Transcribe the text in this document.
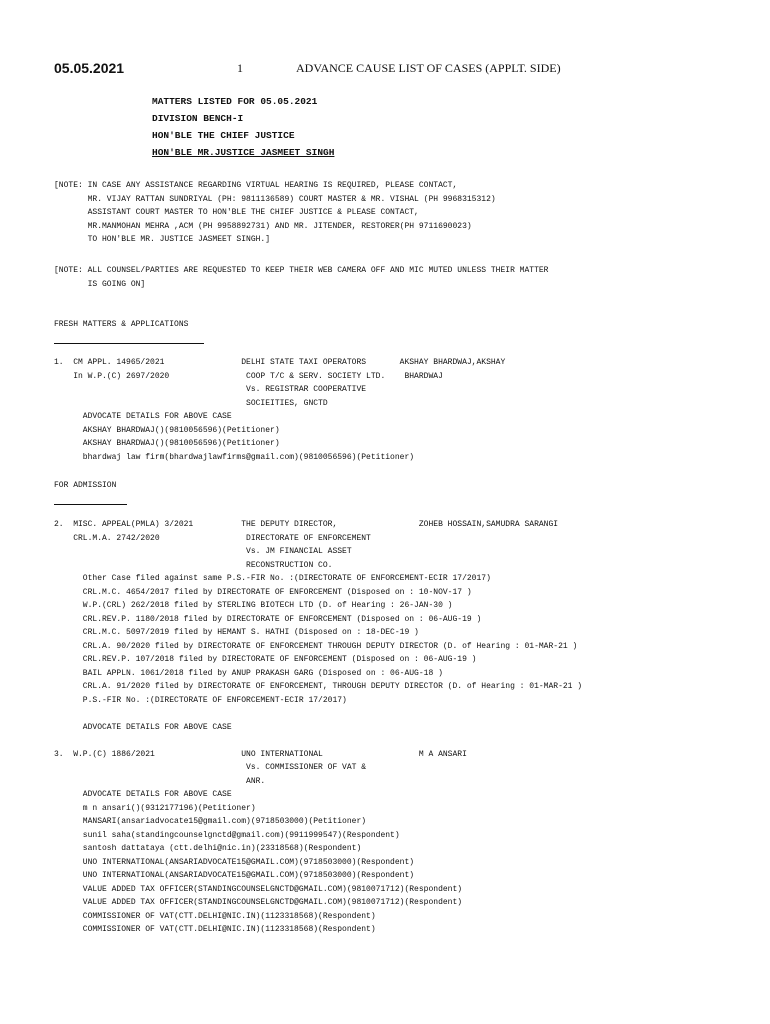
05.05.2021	1	ADVANCE CAUSE LIST OF CASES (APPLT. SIDE)
MATTERS LISTED FOR 05.05.2021
DIVISION BENCH-I
HON'BLE THE CHIEF JUSTICE
HON'BLE MR.JUSTICE JASMEET SINGH
[NOTE: IN CASE ANY ASSISTANCE REGARDING VIRTUAL HEARING IS REQUIRED, PLEASE CONTACT,
MR. VIJAY RATTAN SUNDRIYAL (PH: 9811136589) COURT MASTER & MR. VISHAL (PH 9968315312)
ASSISTANT COURT MASTER TO HON'BLE THE CHIEF JUSTICE & PLEASE CONTACT,
MR.MANMOHAN MEHRA ,ACM (PH 9958892731) AND MR. JITENDER, RESTORER(PH 9711690023)
TO HON'BLE MR. JUSTICE JASMEET SINGH.]
[NOTE: ALL COUNSEL/PARTIES ARE REQUESTED TO KEEP THEIR WEB CAMERA OFF AND MIC MUTED UNLESS THEIR MATTER
IS GOING ON]
FRESH MATTERS & APPLICATIONS
1.  CM APPL. 14965/2021                DELHI STATE TAXI OPERATORS       AKSHAY BHARDWAJ,AKSHAY
In W.P.(C) 2697/2020                COOP T/C & SERV. SOCIETY LTD.    BHARDWAJ
Vs. REGISTRAR COOPERATIVE
SOCIEITIES, GNCTD
ADVOCATE DETAILS FOR ABOVE CASE
AKSHAY BHARDWAJ()(9810056596)(Petitioner)
AKSHAY BHARDWAJ()(9810056596)(Petitioner)
bhardwaj law firm(bhardwajlawfirms@gmail.com)(9810056596)(Petitioner)
FOR ADMISSION
2.  MISC. APPEAL(PMLA) 3/2021          THE DEPUTY DIRECTOR,                 ZOHEB HOSSAIN,SAMUDRA SARANGI
CRL.M.A. 2742/2020                  DIRECTORATE OF ENFORCEMENT
Vs. JM FINANCIAL ASSET
RECONSTRUCTION CO.
Other Case filed against same P.S.-FIR No. :(DIRECTORATE OF ENFORCEMENT-ECIR 17/2017)
CRL.M.C. 4654/2017 filed by DIRECTORATE OF ENFORCEMENT (Disposed on : 10-NOV-17 )
W.P.(CRL) 262/2018 filed by STERLING BIOTECH LTD (D. of Hearing : 26-JAN-30 )
CRL.REV.P. 1180/2018 filed by DIRECTORATE OF ENFORCEMENT (Disposed on : 06-AUG-19 )
CRL.M.C. 5097/2019 filed by HEMANT S. HATHI (Disposed on : 18-DEC-19 )
CRL.A. 90/2020 filed by DIRECTORATE OF ENFORCEMENT THROUGH DEPUTY DIRECTOR (D. of Hearing : 01-MAR-21 )
CRL.REV.P. 107/2018 filed by DIRECTORATE OF ENFORCEMENT (Disposed on : 06-AUG-19 )
BAIL APPLN. 1061/2018 filed by ANUP PRAKASH GARG (Disposed on : 06-AUG-18 )
CRL.A. 91/2020 filed by DIRECTORATE OF ENFORCEMENT, THROUGH DEPUTY DIRECTOR (D. of Hearing : 01-MAR-21 )
P.S.-FIR No. :(DIRECTORATE OF ENFORCEMENT-ECIR 17/2017)
ADVOCATE DETAILS FOR ABOVE CASE
3.  W.P.(C) 1886/2021                  UNO INTERNATIONAL                    M A ANSARI
Vs. COMMISSIONER OF VAT &
ANR.
ADVOCATE DETAILS FOR ABOVE CASE
m n ansari()(9312177196)(Petitioner)
MANSARI(ansariadvocate15@gmail.com)(9718503000)(Petitioner)
sunil saha(standingcounselgnctd@gmail.com)(9911999547)(Respondent)
santosh dattataya (ctt.delhi@nic.in)(23318568)(Respondent)
UNO INTERNATIONAL(ANSARIADVOCATE15@GMAIL.COM)(9718503000)(Respondent)
UNO INTERNATIONAL(ANSARIADVOCATE15@GMAIL.COM)(9718503000)(Respondent)
VALUE ADDED TAX OFFICER(STANDINGCOUNSELGNCTD@GMAIL.COM)(9810071712)(Respondent)
VALUE ADDED TAX OFFICER(STANDINGCOUNSELGNCTD@GMAIL.COM)(9810071712)(Respondent)
COMMISSIONER OF VAT(CTT.DELHI@NIC.IN)(1123318568)(Respondent)
COMMISSIONER OF VAT(CTT.DELHI@NIC.IN)(1123318568)(Respondent)
